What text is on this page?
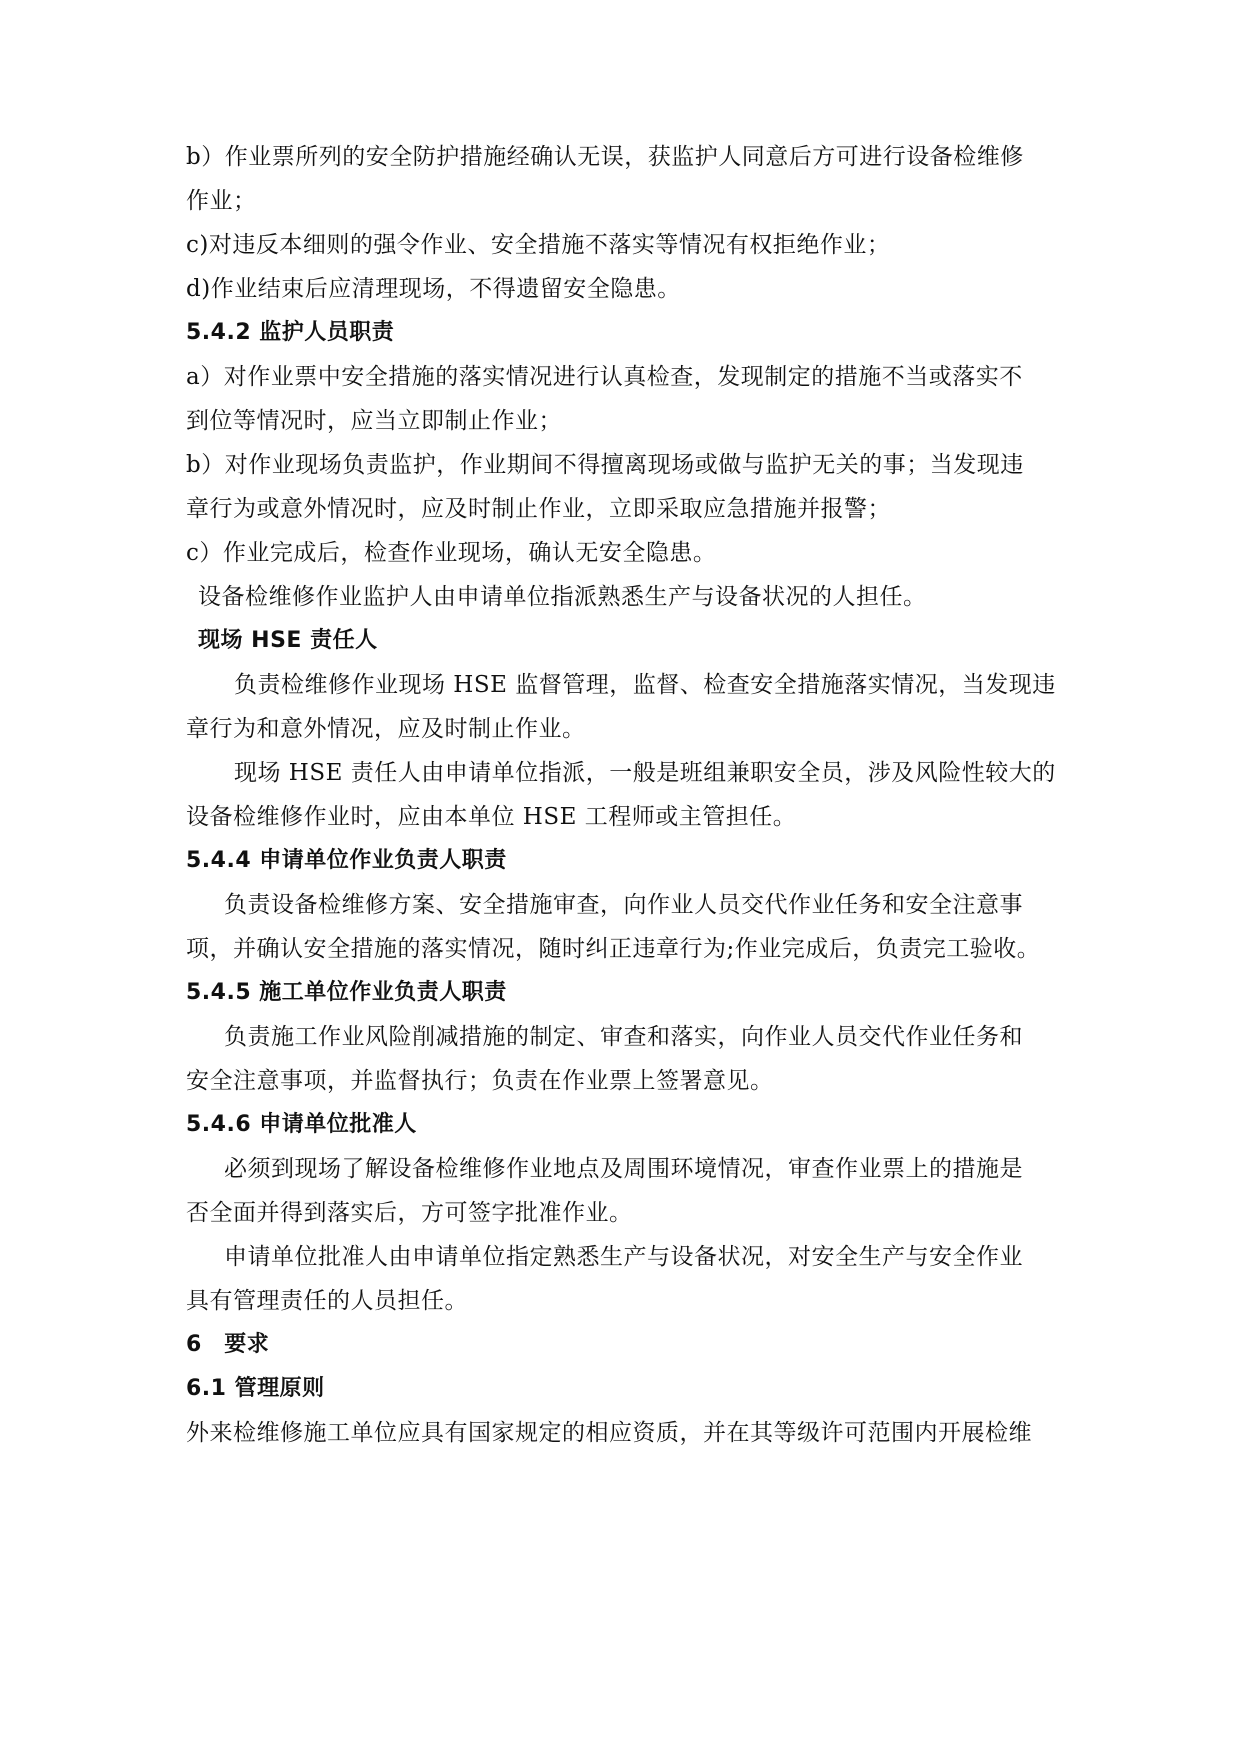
b）作业票所列的安全防护措施经确认无误，获监护人同意后方可进行设备检维修

作业；

c)对违反本细则的强令作业、安全措施不落实等情况有权拒绝作业；

d)作业结束后应清理现场，不得遗留安全隐患。

5.4.2 监护人员职责

a）对作业票中安全措施的落实情况进行认真检查，发现制定的措施不当或落实不

到位等情况时，应当立即制止作业；

b）对作业现场负责监护，作业期间不得擅离现场或做与监护无关的事；当发现违

章行为或意外情况时，应及时制止作业，立即采取应急措施并报警；

c）作业完成后，检查作业现场，确认无安全隐患。

设备检维修作业监护人由申请单位指派熟悉生产与设备状况的人担任。

现场 HSE 责任人

负责检维修作业现场 HSE 监督管理，监督、检查安全措施落实情况，当发现违

章行为和意外情况，应及时制止作业。

现场 HSE 责任人由申请单位指派，一般是班组兼职安全员，涉及风险性较大的

设备检维修作业时，应由本单位 HSE 工程师或主管担任。

5.4.4 申请单位作业负责人职责

负责设备检维修方案、安全措施审查，向作业人员交代作业任务和安全注意事

项，并确认安全措施的落实情况，随时纠正违章行为;作业完成后，负责完工验收。

5.4.5 施工单位作业负责人职责

负责施工作业风险削减措施的制定、审查和落实，向作业人员交代作业任务和

安全注意事项，并监督执行；负责在作业票上签署意见。

5.4.6 申请单位批准人

必须到现场了解设备检维修作业地点及周围环境情况，审查作业票上的措施是

否全面并得到落实后，方可签字批准作业。

申请单位批准人由申请单位指定熟悉生产与设备状况，对安全生产与安全作业

具有管理责任的人员担任。

6　要求

6.1 管理原则

外来检维修施工单位应具有国家规定的相应资质，并在其等级许可范围内开展检维
